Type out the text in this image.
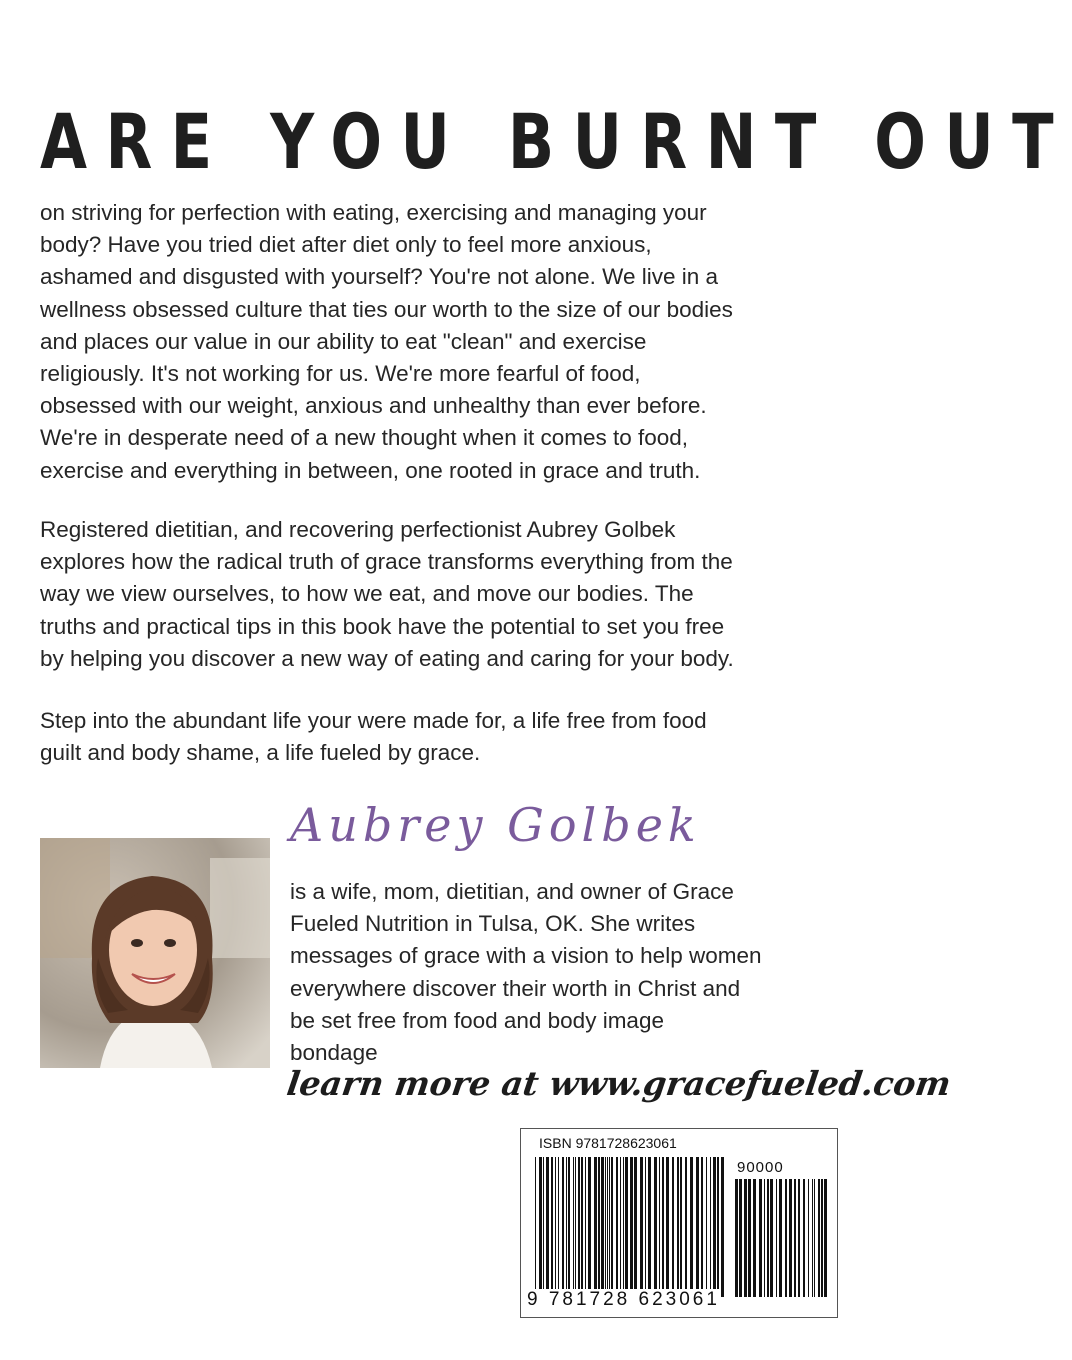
ARE YOU BURNT OUT

on striving for perfection with eating, exercising and managing your
body? Have you tried diet after diet only to feel more anxious,
ashamed and disgusted with yourself? You're not alone. We live in a
wellness obsessed culture that ties our worth to the size of our bodies
and places our value in our ability to eat "clean" and exercise
religiously. It's not working for us. We're more fearful of food,
obsessed with our weight, anxious and unhealthy than ever before.
We're in desperate need of a new thought when it comes to food,
exercise and everything in between, one rooted in grace and truth.

Registered dietitian, and recovering perfectionist Aubrey Golbek
explores how the radical truth of grace transforms everything from the
way we view ourselves, to how we eat, and move our bodies. The
truths and practical tips in this book have the potential to set you free
by helping you discover a new way of eating and caring for your body.

Step into the abundant life your were made for, a life free from food
guilt and body shame, a life fueled by grace.

Aubrey Golbek

is a wife, mom, dietitian, and owner of Grace
Fueled Nutrition in Tulsa, OK. She writes
messages of grace with a vision to help women
everywhere discover their worth in Christ and
be set free from food and body image
bondage

learn more at www.gracefueled.com
ISBN 9781728623061
90000
9 781728 623061
